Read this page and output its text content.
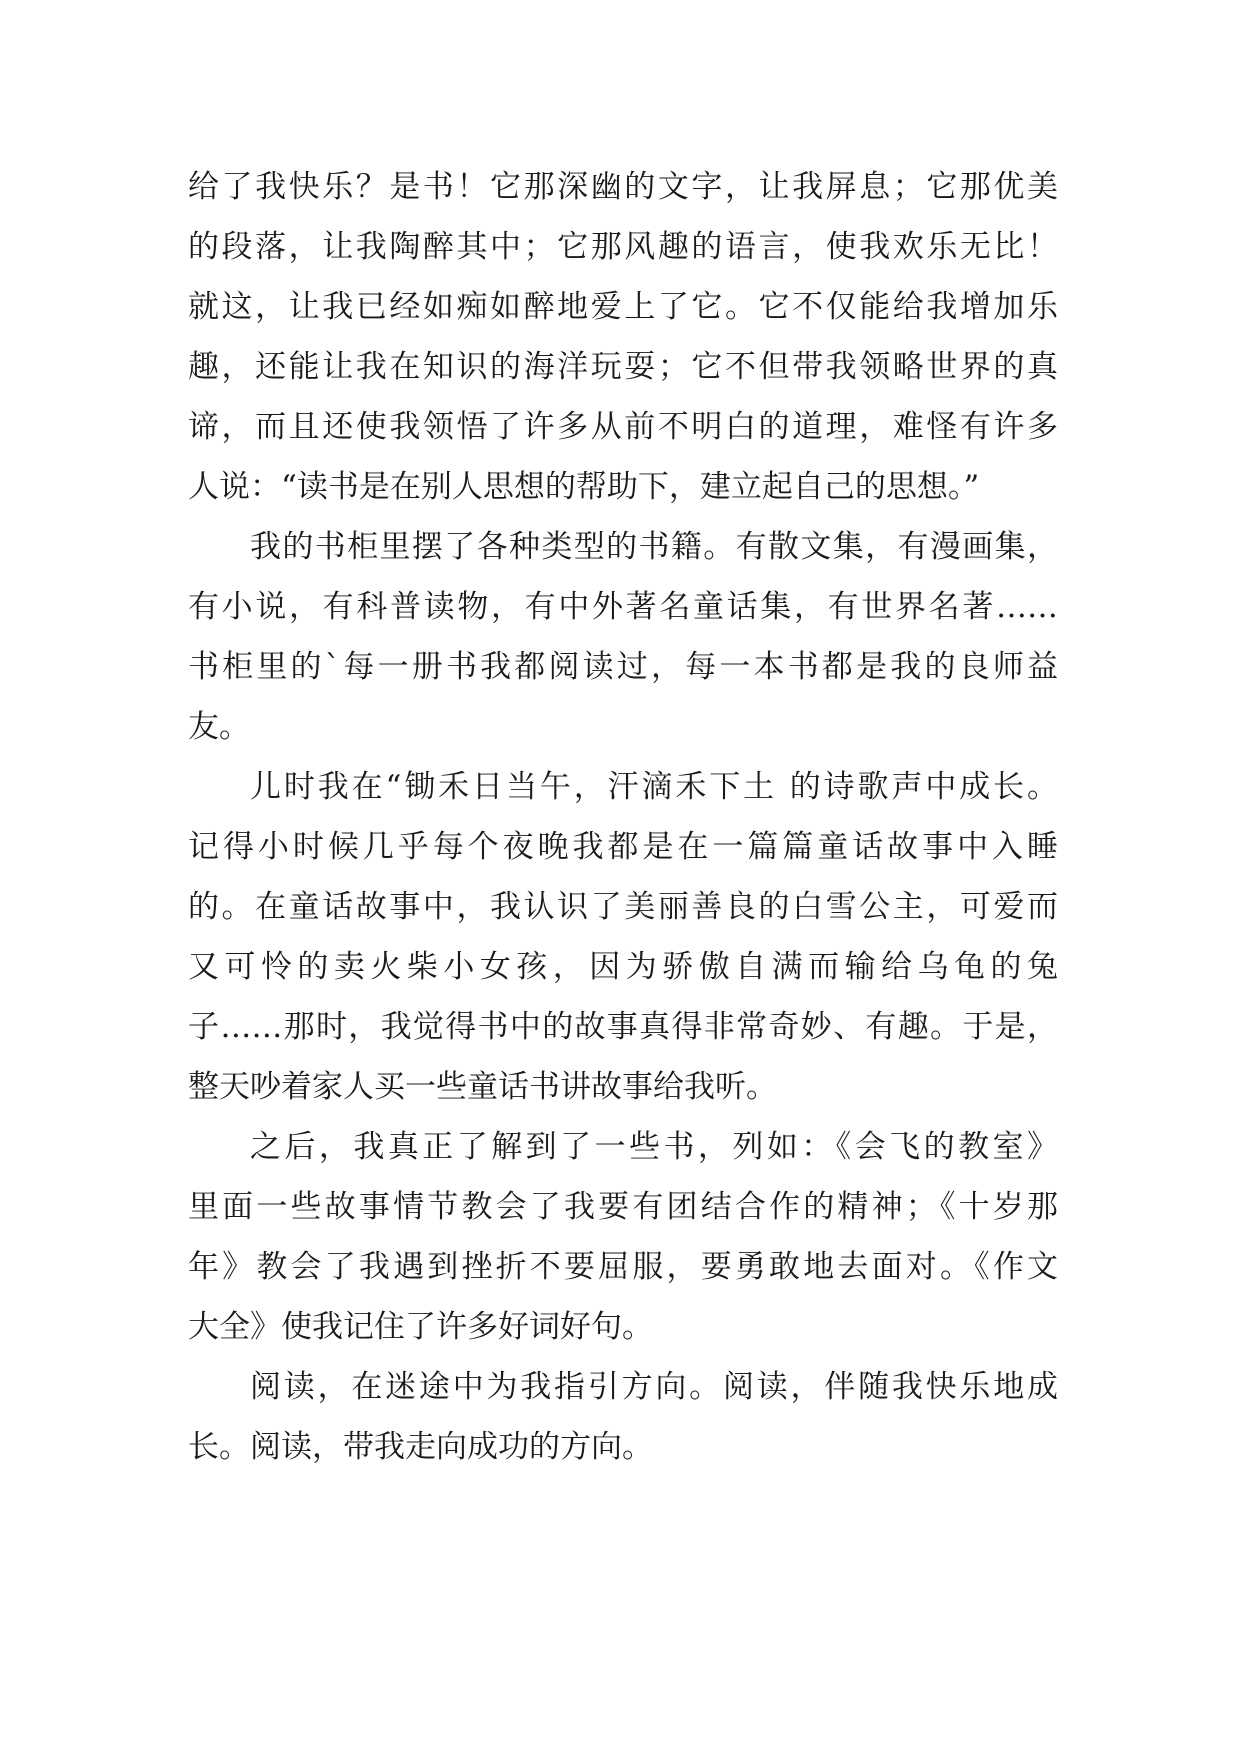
给了我快乐？是书！它那深幽的文字，让我屏息；它那优美
的段落，让我陶醉其中；它那风趣的语言，使我欢乐无比！
就这，让我已经如痴如醉地爱上了它。它不仅能给我增加乐
趣，还能让我在知识的海洋玩耍；它不但带我领略世界的真
谛，而且还使我领悟了许多从前不明白的道理，难怪有许多
人说：“读书是在别人思想的帮助下，建立起自己的思想。”
我的书柜里摆了各种类型的书籍。有散文集，有漫画集，
有小说，有科普读物，有中外著名童话集，有世界名著……
书柜里的`每一册书我都阅读过，每一本书都是我的良师益
友。
儿时我在“锄禾日当午，汗滴禾下土 的诗歌声中成长。
记得小时候几乎每个夜晚我都是在一篇篇童话故事中入睡
的。在童话故事中，我认识了美丽善良的白雪公主，可爱而
又可怜的卖火柴小女孩，因为骄傲自满而输给乌龟的兔
子……那时，我觉得书中的故事真得非常奇妙、有趣。于是，
整天吵着家人买一些童话书讲故事给我听。
之后，我真正了解到了一些书，列如：《会飞的教室》
里面一些故事情节教会了我要有团结合作的精神；《十岁那
年》教会了我遇到挫折不要屈服，要勇敢地去面对。《作文
大全》使我记住了许多好词好句。
阅读，在迷途中为我指引方向。阅读，伴随我快乐地成
长。阅读，带我走向成功的方向。
